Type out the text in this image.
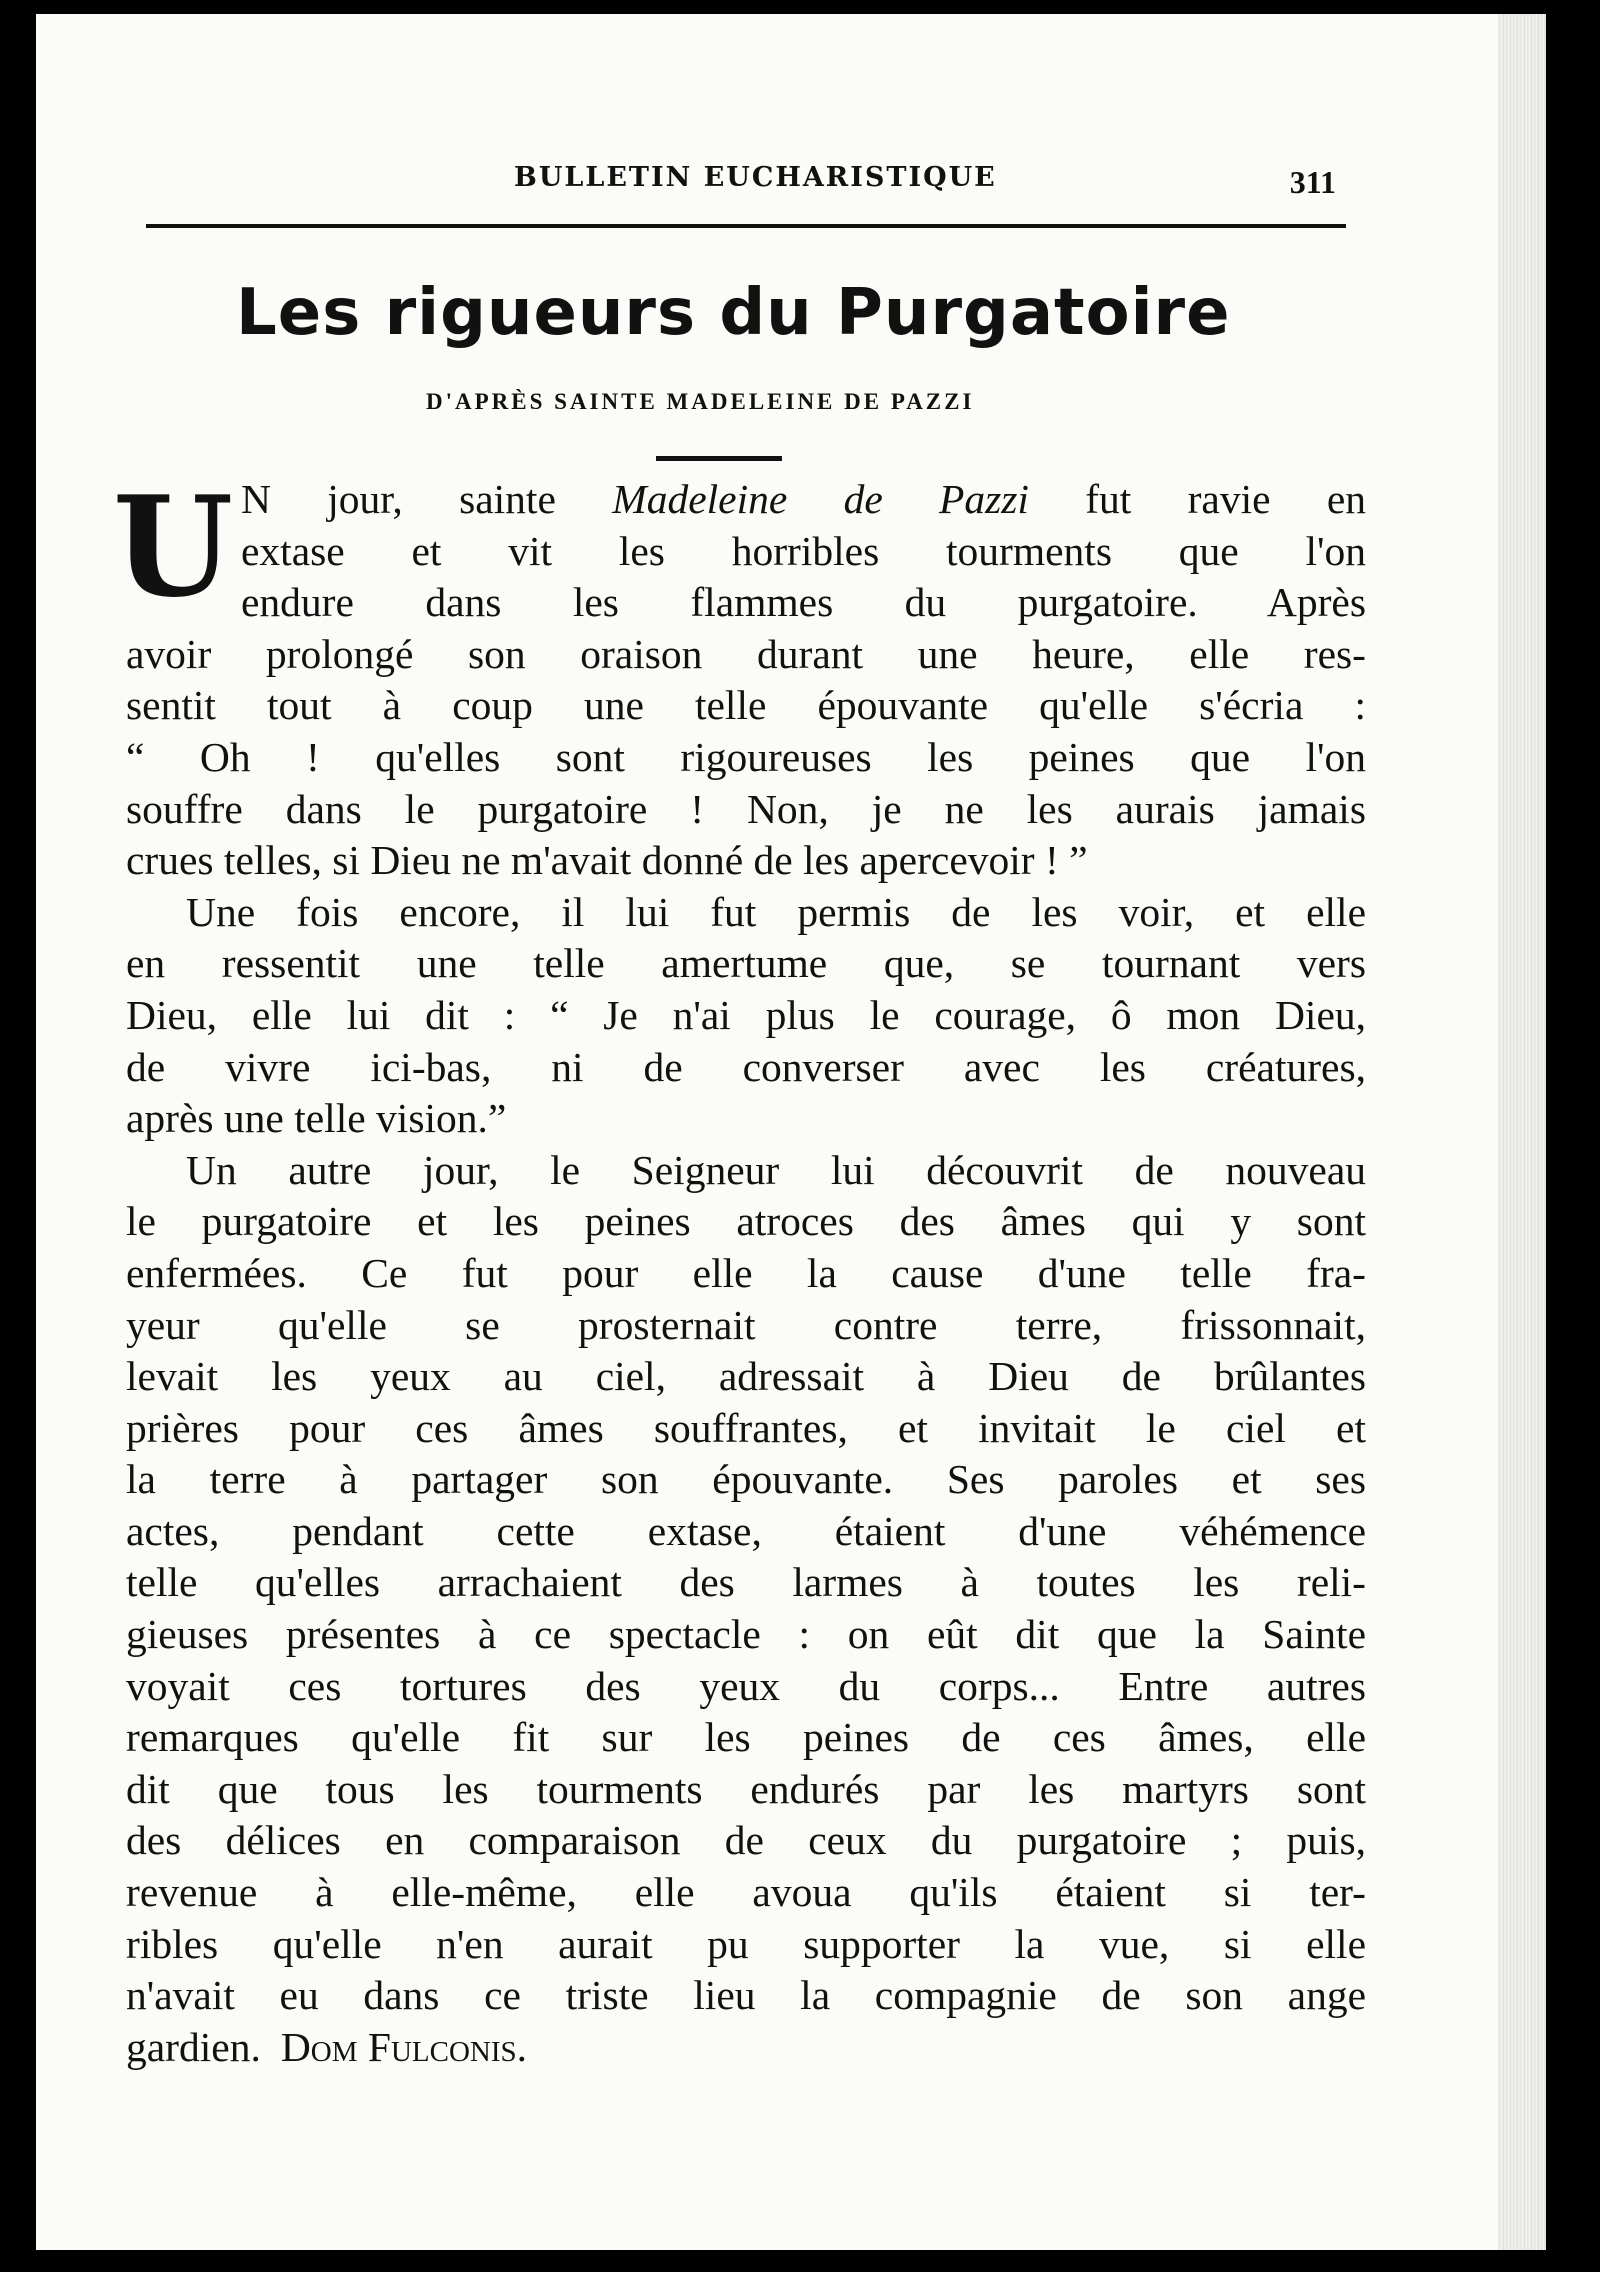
BULLETIN EUCHARISTIQUE	311
Les rigueurs du Purgatoire
D'APRÈS SAINTE MADELEINE DE PAZZI
U N jour, sainte Madeleine de Pazzi fut ravie en
extase et vit les horribles tourments que l'on
endure dans les flammes du purgatoire. Après
avoir prolongé son oraison durant une heure, elle res-
sentit tout à coup une telle épouvante qu'elle s'écria :
“ Oh ! qu'elles sont rigoureuses les peines que l'on
souffre dans le purgatoire ! Non, je ne les aurais jamais
crues telles, si Dieu ne m'avait donné de les apercevoir ! ”
Une fois encore, il lui fut permis de les voir, et elle
en ressentit une telle amertume que, se tournant vers
Dieu, elle lui dit : “ Je n'ai plus le courage, ô mon Dieu,
de vivre ici-bas, ni de converser avec les créatures,
après une telle vision.”
Un autre jour, le Seigneur lui découvrit de nouveau
le purgatoire et les peines atroces des âmes qui y sont
enfermées. Ce fut pour elle la cause d'une telle fra-
yeur qu'elle se prosternait contre terre, frissonnait,
levait les yeux au ciel, adressait à Dieu de brûlantes
prières pour ces âmes souffrantes, et invitait le ciel et
la terre à partager son épouvante. Ses paroles et ses
actes, pendant cette extase, étaient d'une véhémence
telle qu'elles arrachaient des larmes à toutes les reli-
gieuses présentes à ce spectacle : on eût dit que la Sainte
voyait ces tortures des yeux du corps... Entre autres
remarques qu'elle fit sur les peines de ces âmes, elle
dit que tous les tourments endurés par les martyrs sont
des délices en comparaison de ceux du purgatoire ; puis,
revenue à elle-même, elle avoua qu'ils étaient si ter-
ribles qu'elle n'en aurait pu supporter la vue, si elle
n'avait eu dans ce triste lieu la compagnie de son ange
gardien. Dom Fulconis.
